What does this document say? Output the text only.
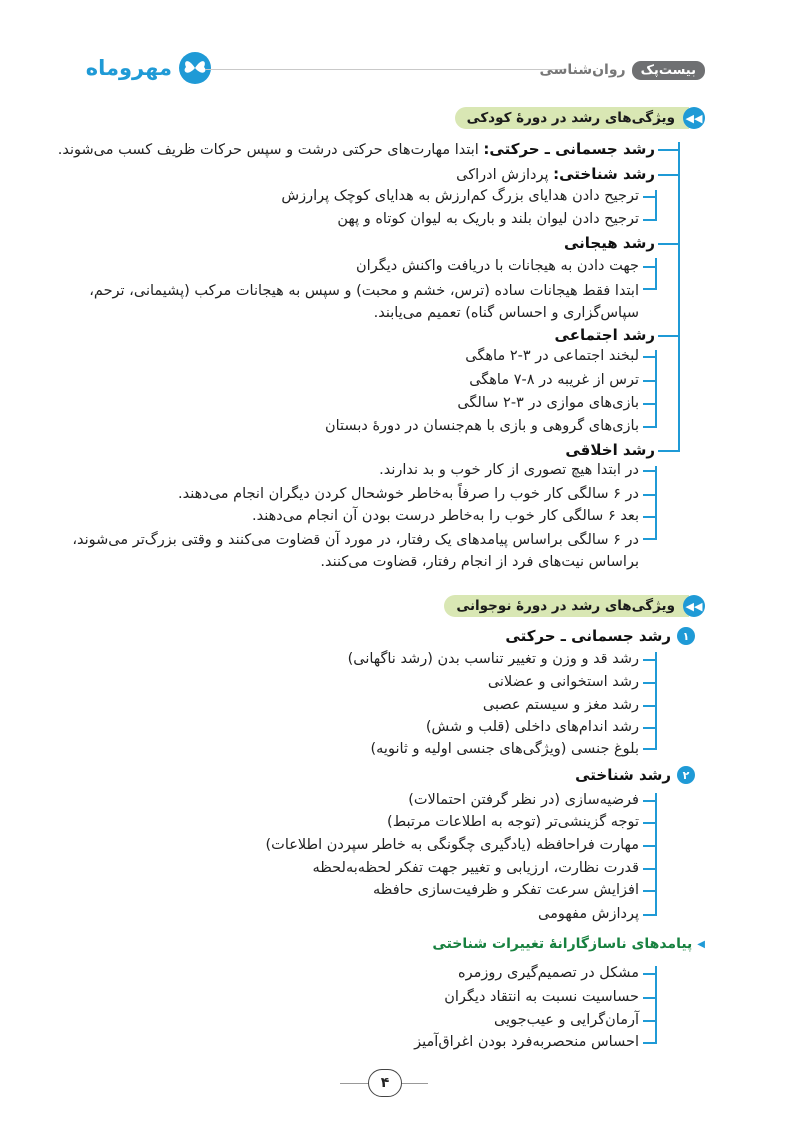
مهروماه	بیست‌پک
روان‌شناسی
◀◀
ویژگی‌های رشد در دورهٔ کودکی
رشد جسمانی ـ حرکتی: ابتدا مهارت‌های حرکتی درشت و سپس حرکات ظریف کسب می‌شوند.
رشد شناختی: پردازش ادراکی
ترجیح دادن هدایای بزرگ کم‌ارزش به هدایای کوچک پرارزش
ترجیح دادن لیوان بلند و باریک به لیوان کوتاه و پهن
رشد هیجانی
جهت دادن به هیجانات با دریافت واکنش دیگران
ابتدا فقط هیجانات ساده (ترس، خشم و محبت) و سپس به هیجانات مرکب (پشیمانی، ترحم، سپاس‌گزاری و احساس گناه) تعمیم می‌یابند.
رشد اجتماعی
لبخند اجتماعی در ۳-۲ ماهگی
ترس از غریبه در ۸-۷ ماهگی
بازی‌های موازی در ۳-۲ سالگی
بازی‌های گروهی و بازی با هم‌جنسان در دورهٔ دبستان
رشد اخلاقی
در ابتدا هیچ تصوری از کار خوب و بد ندارند.
در ۶ سالگی کار خوب را صرفاً به‌خاطر خوشحال کردن دیگران انجام می‌دهند.
بعد ۶ سالگی کار خوب را به‌خاطر درست بودن آن انجام می‌دهند.
در ۶ سالگی براساس پیامدهای یک رفتار، در مورد آن قضاوت می‌کنند و وقتی بزرگ‌تر می‌شوند، براساس نیت‌های فرد از انجام رفتار، قضاوت می‌کنند.
◀◀
ویژگی‌های رشد در دورهٔ نوجوانی
۱
رشد جسمانی ـ حرکتی
رشد قد و وزن و تغییر تناسب بدن (رشد ناگهانی)
رشد استخوانی و عضلانی
رشد مغز و سیستم عصبی
رشد اندام‌های داخلی (قلب و شش)
بلوغ جنسی (ویژگی‌های جنسی اولیه و ثانویه)
۲
رشد شناختی
فرضیه‌سازی (در نظر گرفتن احتمالات)
توجه گزینشی‌تر (توجه به اطلاعات مرتبط)
مهارت فراحافظه (یادگیری چگونگی به خاطر سپردن اطلاعات)
قدرت نظارت، ارزیابی و تغییر جهت تفکر لحظه‌به‌لحظه
افزایش سرعت تفکر و ظرفیت‌سازی حافظه
پردازش مفهومی
◀
پیامدهای ناسازگارانهٔ تغییرات شناختی
مشکل در تصمیم‌گیری روزمره
حساسیت نسبت به انتقاد دیگران
آرمان‌گرایی و عیب‌جویی
احساس منحصربه‌فرد بودن اغراق‌آمیز
۴
